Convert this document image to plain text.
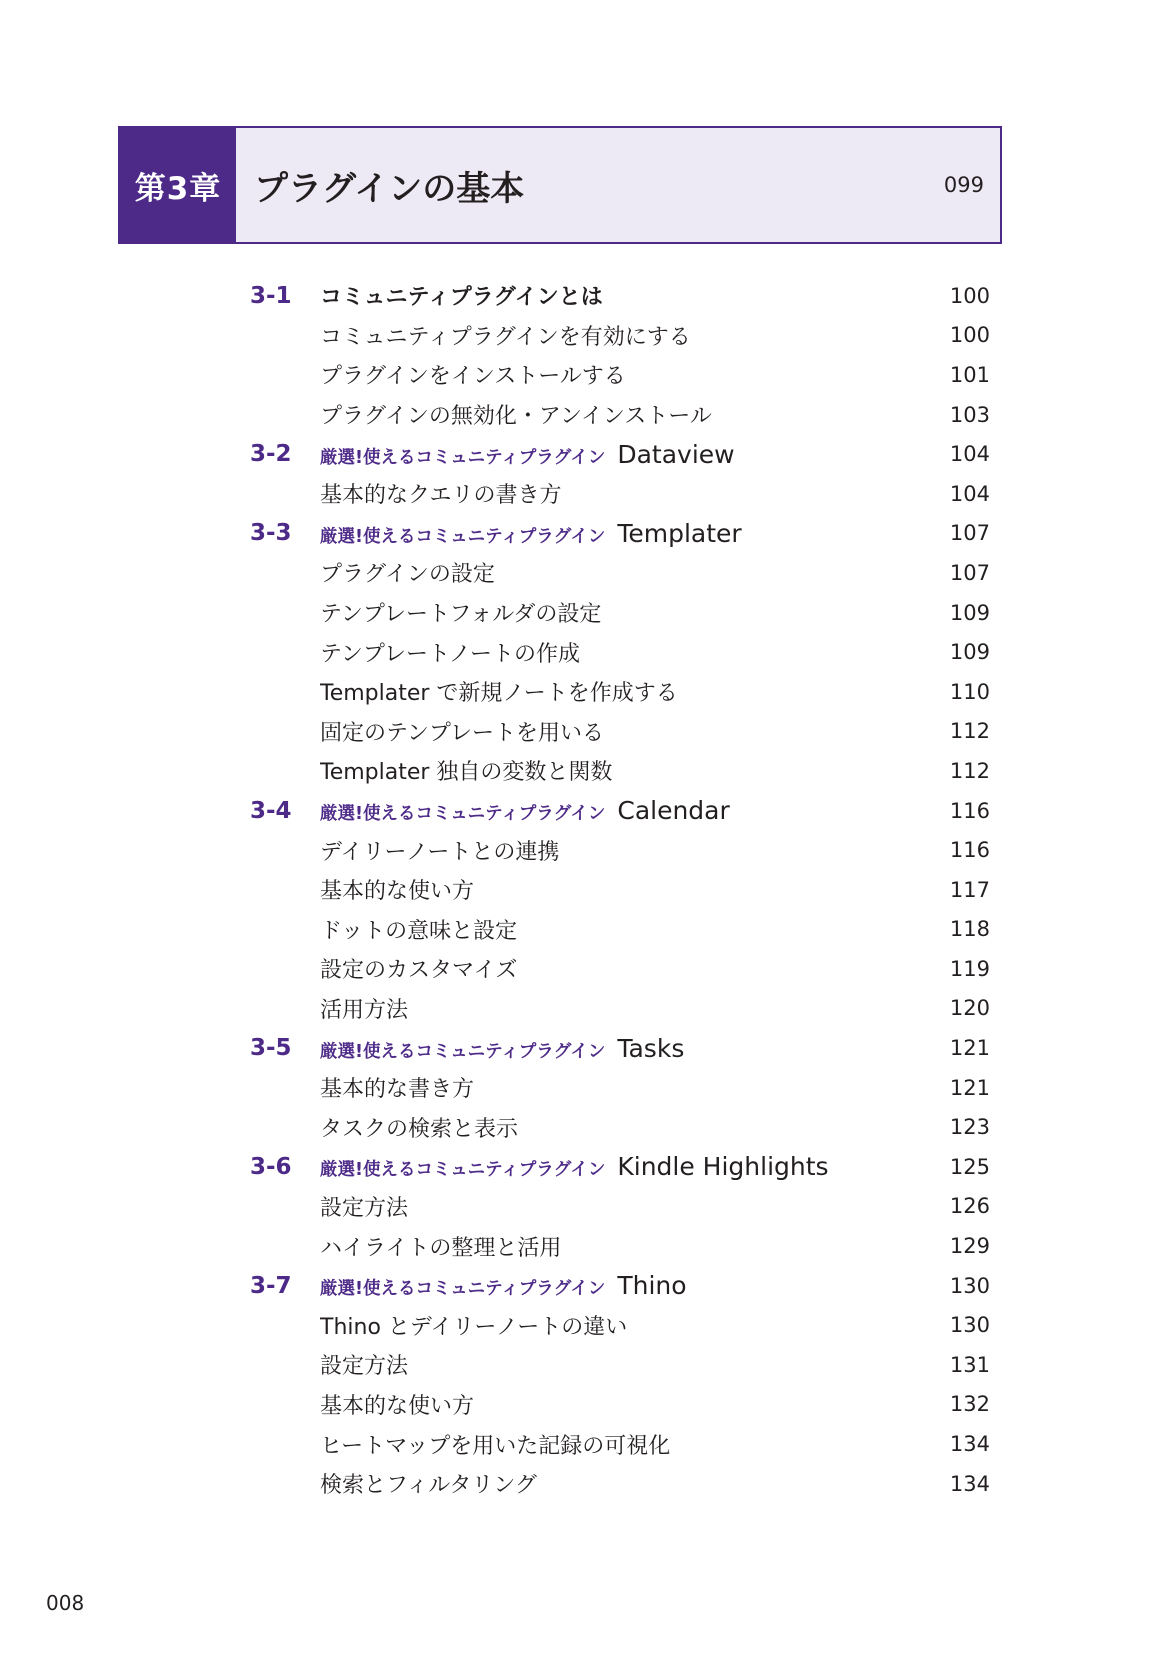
第3章 プラグインの基本	099
3-1	コミュニティプラグインとは	100
コミュニティプラグインを有効にする	100
プラグインをインストールする	101
プラグインの無効化・アンインストール	103
3-2	厳選!使えるコミュニティプラグイン Dataview	104
基本的なクエリの書き方	104
3-3	厳選!使えるコミュニティプラグイン Templater	107
プラグインの設定	107
テンプレートフォルダの設定	109
テンプレートノートの作成	109
Templater で新規ノートを作成する	110
固定のテンプレートを用いる	112
Templater 独自の変数と関数	112
3-4	厳選!使えるコミュニティプラグイン Calendar	116
デイリーノートとの連携	116
基本的な使い方	117
ドットの意味と設定	118
設定のカスタマイズ	119
活用方法	120
3-5	厳選!使えるコミュニティプラグイン Tasks	121
基本的な書き方	121
タスクの検索と表示	123
3-6	厳選!使えるコミュニティプラグイン Kindle Highlights	125
設定方法	126
ハイライトの整理と活用	129
3-7	厳選!使えるコミュニティプラグイン Thino	130
Thino とデイリーノートの違い	130
設定方法	131
基本的な使い方	132
ヒートマップを用いた記録の可視化	134
検索とフィルタリング	134
008
